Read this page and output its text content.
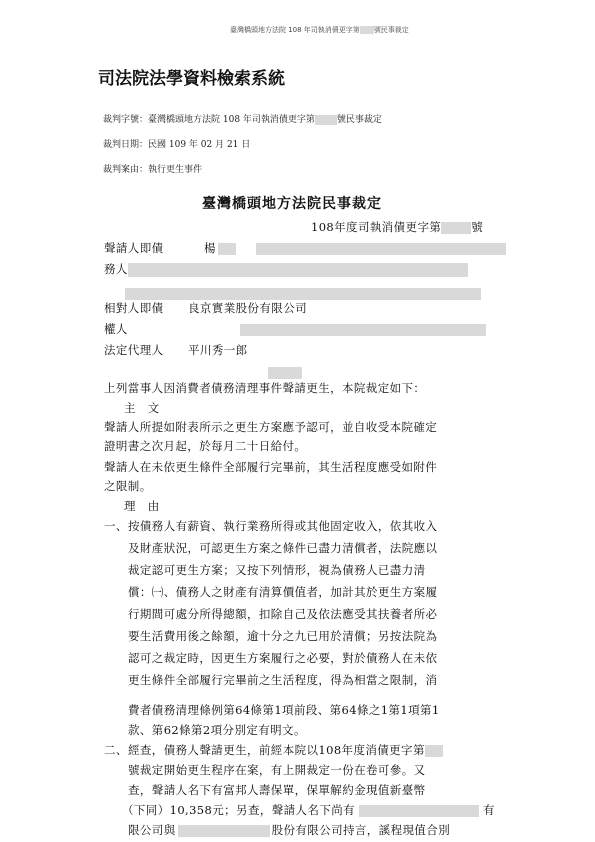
臺灣橋頭地方法院 108 年司執消債更字第 號民事裁定
司法院法學資料檢索系統
裁判字號：臺灣橋頭地方法院 108 年司執消債更字第 號民事裁定
裁判日期：民國 109 年 02 月 21 日
裁判案由：執行更生事件
臺灣橋頭地方法院民事裁定
108年度司執消債更字第	號
聲請人即債	楊
務人
相對人即債 良京實業股份有限公司
權人
法定代理人 平川秀一郎
上列當事人因消費者債務清理事件聲請更生，本院裁定如下：
主　文
聲請人所提如附表所示之更生方案應予認可，並自收受本院確定
證明書之次月起，於每月二十日給付。
聲請人在未依更生條件全部履行完畢前，其生活程度應受如附件
之限制。
理　由
一、 按債務人有薪資、執行業務所得或其他固定收入，依其收入
及財產狀況，可認更生方案之條件已盡力清償者，法院應以
裁定認可更生方案；又按下列情形，視為債務人已盡力清
償：㈠、債務人之財產有清算價值者，加計其於更生方案履
行期間可處分所得總額，扣除自己及依法應受其扶養者所必
要生活費用後之餘額，逾十分之九已用於清償；另按法院為
認可之裁定時，因更生方案履行之必要，對於債務人在未依
更生條件全部履行完畢前之生活程度，得為相當之限制，消
費者債務清理條例第64條第1項前段、第64條之1第1項第1
款、第62條第2項分別定有明文。
二、 經查，債務人聲請更生，前經本院以108年度消債更字第
號裁定開始更生程序在案，有上開裁定一份在卷可參。又
查，聲請人名下有富邦人壽保單，保單解約金現值新臺幣
（下同）10,358元；另查，聲請人名下尚有	有
限公司與	股份有限公司持言，謑程現值合別
